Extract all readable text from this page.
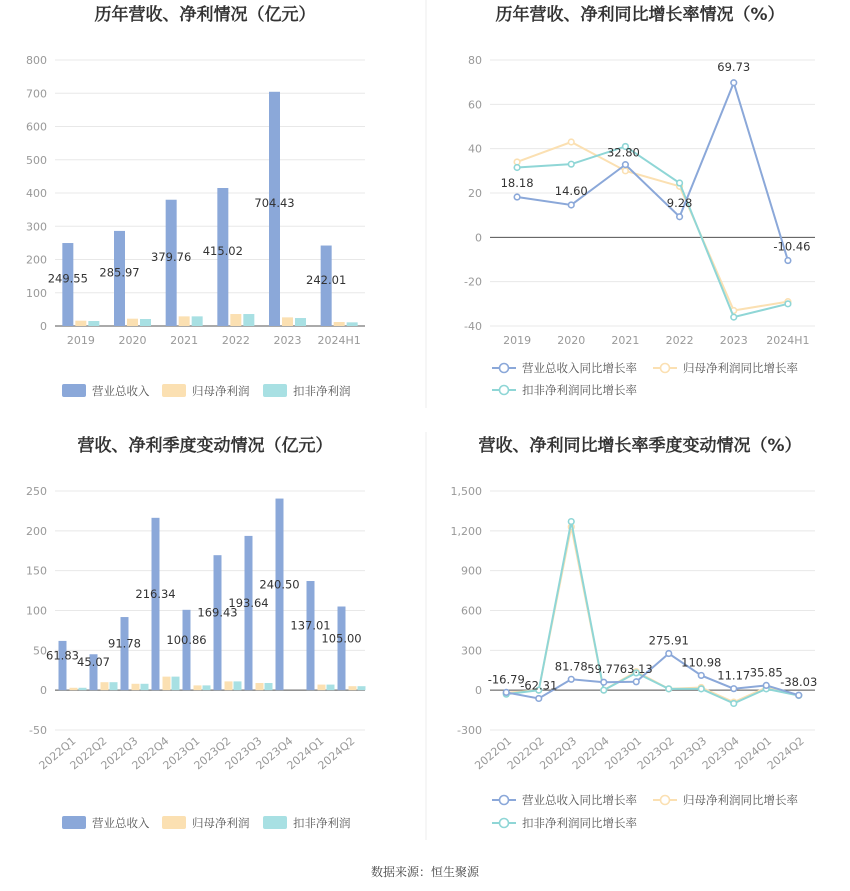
数据来源：恒生聚源
历年营收、净利情况（亿元）
0
100
200
300
400
500
600
700
800
2019 2020 2021 2022 2023 2024H1
249.55 285.97
379.76 415.02
704.43
242.01
营业总收入	归母净利润	扣非净利润
历年营收、净利同比增长率情况（%）
80
60
40
20
0
-20
-40
2019 2020 2021 2022 2023 2024H1
18.18
14.60
32.80
9.28
69.73
-10.46
营业总收入同比增长率	归母净利润同比增长率
扣非净利润同比增长率
营收、净利季度变动情况（亿元）
-50
0
50
100
150
200
250
2022Q1
2022Q2
2022Q3
2022Q4
2023Q1
2023Q2
2023Q3
2023Q4
2024Q1
2024Q2
61.83
45.07
91.78
216.34
100.86
169.43
193.64
240.50
137.01
105.00
营业总收入	归母净利润	扣非净利润
营收、净利同比增长率季度变动情况（%）
1,500
1,200
900
600
300
0
-300
2022Q1
2022Q2
2022Q3
2022Q4
2023Q1
2023Q2
2023Q3
2023Q4
2024Q1
2024Q2
-16.79
-62.31
81.78 59.77 63.13
275.91
110.98
11.17 35.85
-38.03
营业总收入同比增长率	归母净利润同比增长率
扣非净利润同比增长率
